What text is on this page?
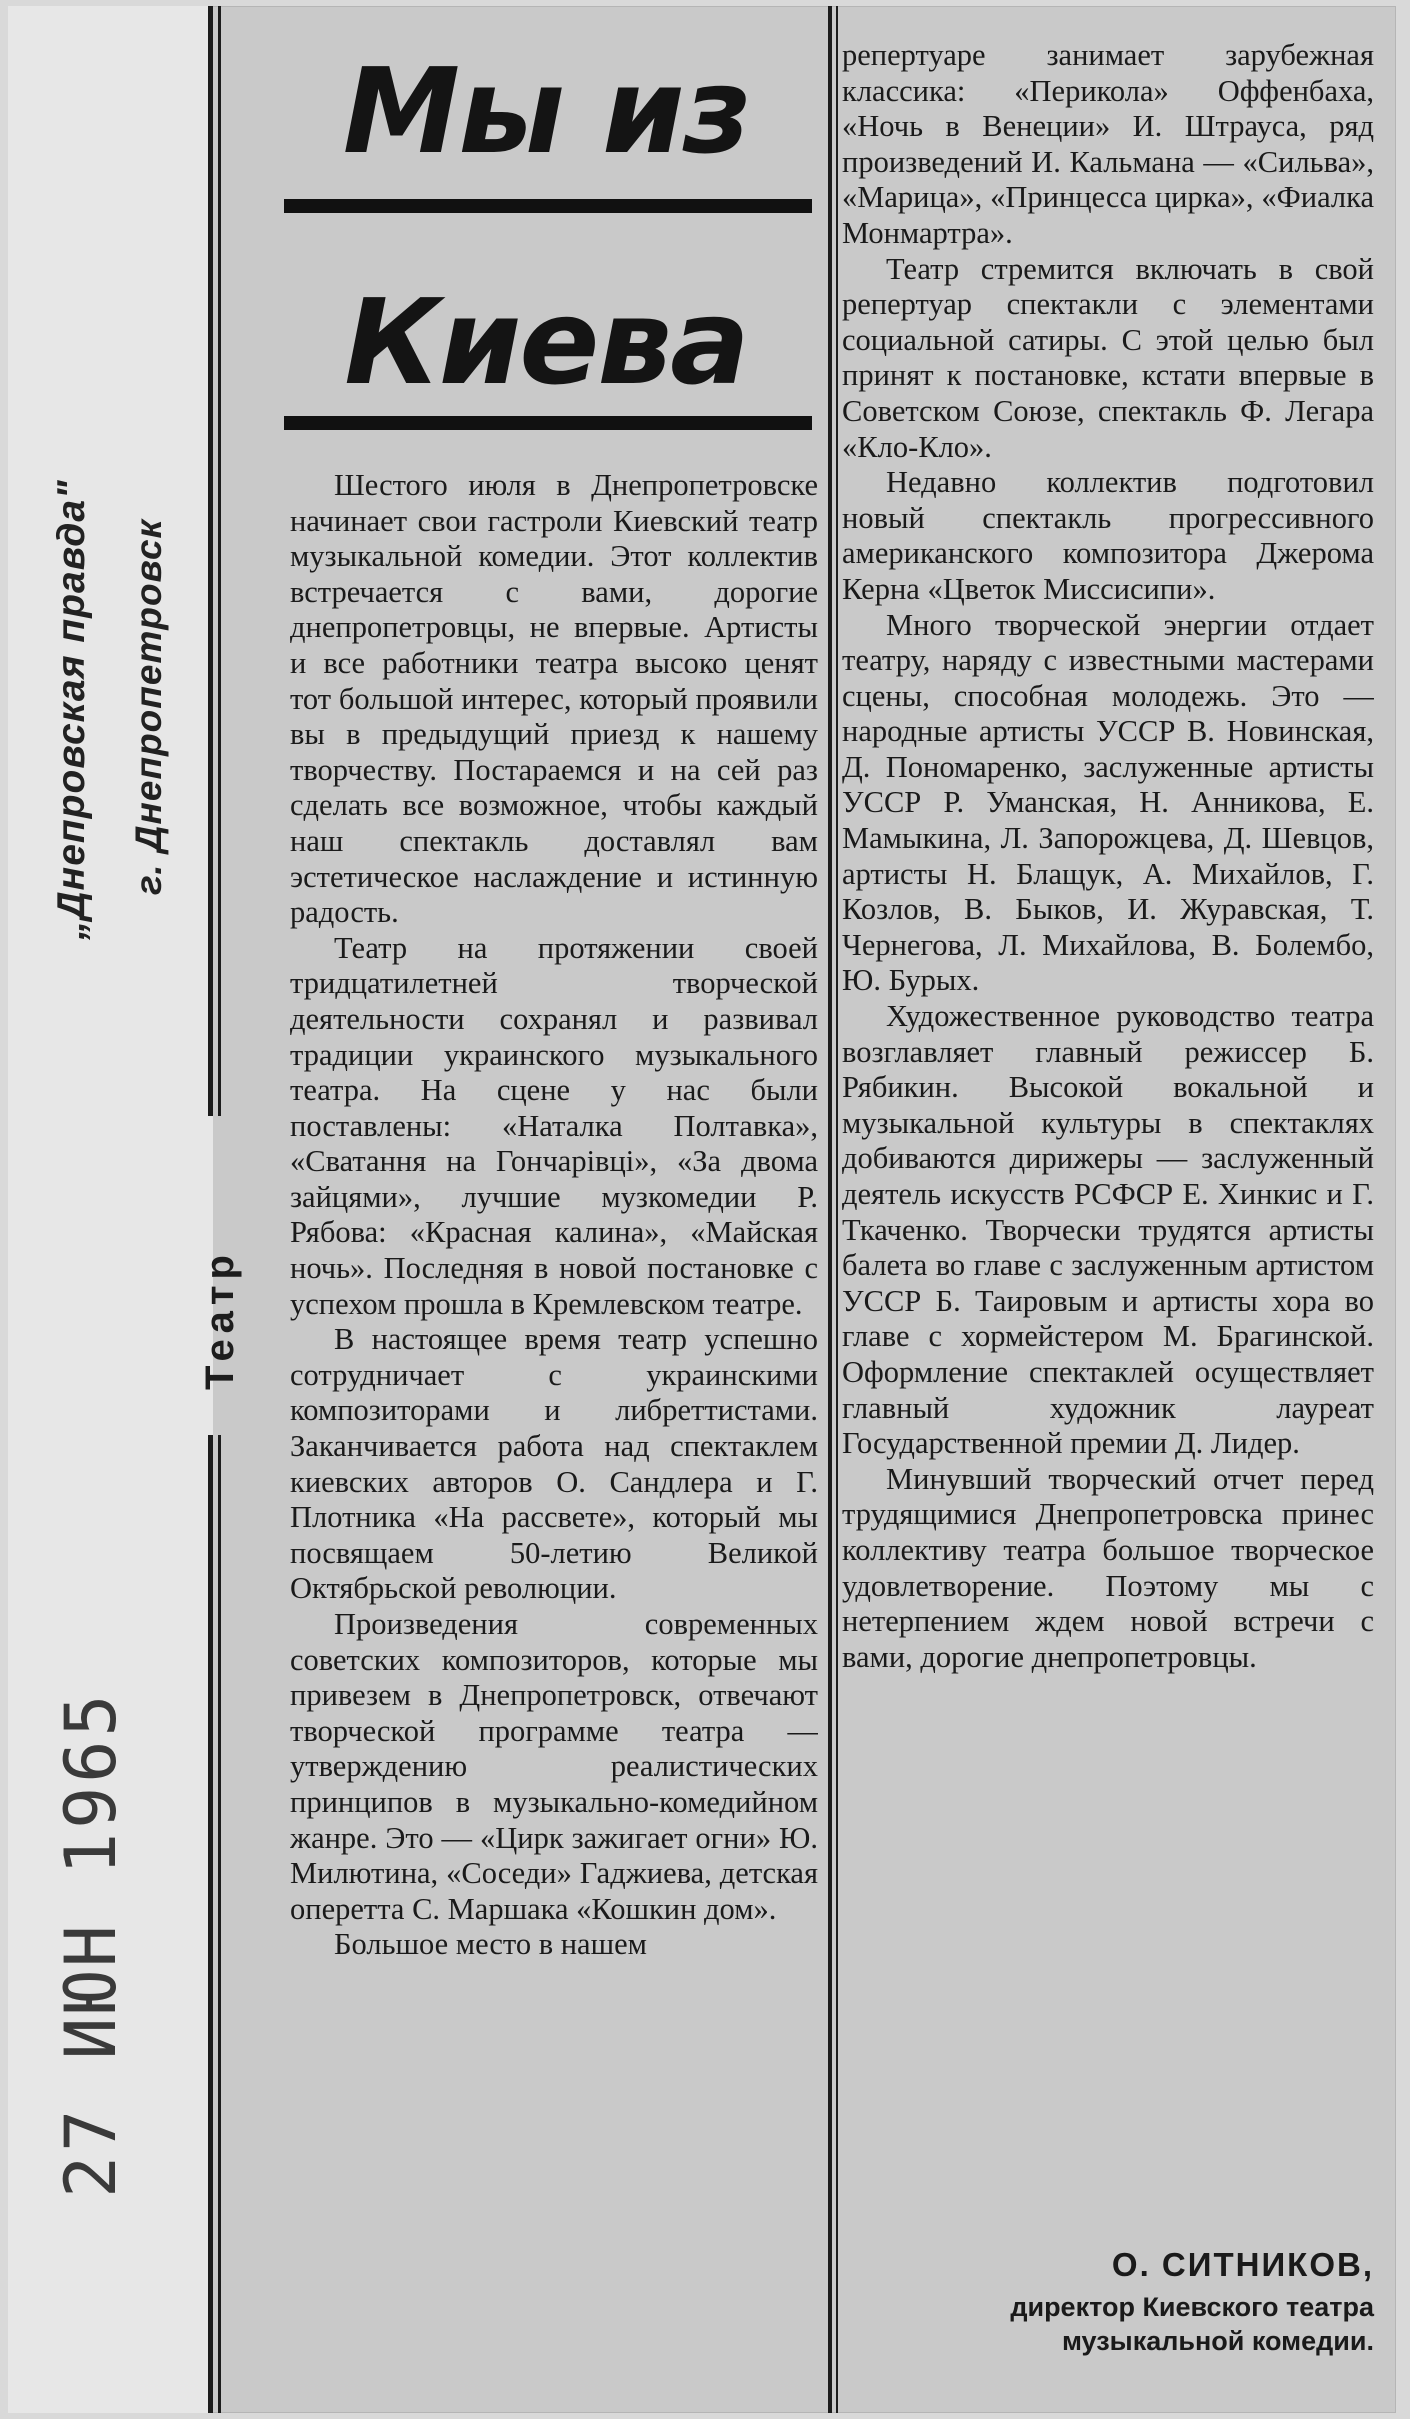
„Днепровская правда" г. Днепропетровск
27 ИЮН 1965
Театр
Мы из
Киева

Шестого июля в Днепропетровске начинает свои гастроли Киевский театр музыкальной комедии. Этот коллектив встречается с вами, дорогие днепропетровцы, не впервые. Артисты и все работники театра высоко ценят тот большой интерес, который проявили вы в предыдущий приезд к нашему творчеству. Постараемся и на сей раз сделать все возможное, чтобы каждый наш спектакль доставлял вам эстетическое наслаждение и истинную радость.

Театр на протяжении своей тридцатилетней творческой деятельности сохранял и развивал традиции украинского музыкального театра. На сцене у нас были поставлены: «Наталка Полтавка», «Сватання на Гончарівці», «За двома зайцями», лучшие музкомедии Р. Рябова: «Красная калина», «Майская ночь». Последняя в новой постановке с успехом прошла в Кремлевском театре.

В настоящее время театр успешно сотрудничает с украинскими композиторами и либреттистами. Заканчивается работа над спектаклем киевских авторов О. Сандлера и Г. Плотника «На рассвете», который мы посвящаем 50-летию Великой Октябрьской революции.

Произведения современных советских композиторов, которые мы привезем в Днепропетровск, отвечают творческой программе театра — утверждению реалистических принципов в музыкально-комедийном жанре. Это — «Цирк зажигает огни» Ю. Милютина, «Соседи» Гаджиева, детская оперетта С. Маршака «Кошкин дом».

Большое место в нашем

репертуаре занимает зарубежная классика: «Перикола» Оффенбаха, «Ночь в Венеции» И. Штрауса, ряд произведений И. Кальмана — «Сильва», «Марица», «Принцесса цирка», «Фиалка Монмартра».

Театр стремится включать в свой репертуар спектакли с элементами социальной сатиры. С этой целью был принят к постановке, кстати впервые в Советском Союзе, спектакль Ф. Легара «Кло-Кло».

Недавно коллектив подготовил новый спектакль прогрессивного американского композитора Джерома Керна «Цветок Миссисипи».

Много творческой энергии отдает театру, наряду с известными мастерами сцены, способная молодежь. Это — народные артисты УССР В. Новинская, Д. Пономаренко, заслуженные артисты УССР Р. Уманская, Н. Анникова, Е. Мамыкина, Л. Запорожцева, Д. Шевцов, артисты Н. Блащук, А. Михайлов, Г. Козлов, В. Быков, И. Журавская, Т. Чернегова, Л. Михайлова, В. Болембо, Ю. Бурых.

Художественное руководство театра возглавляет главный режиссер Б. Рябикин. Высокой вокальной и музыкальной культуры в спектаклях добиваются дирижеры — заслуженный деятель искусств РСФСР Е. Хинкис и Г. Ткаченко. Творчески трудятся артисты балета во главе с заслуженным артистом УССР Б. Таировым и артисты хора во главе с хормейстером М. Брагинской. Оформление спектаклей осуществляет главный художник лауреат Государственной премии Д. Лидер.

Минувший творческий отчет перед трудящимися Днепропетровска принес коллективу театра большое творческое удовлетворение. Поэтому мы с нетерпением ждем новой встречи с вами, дорогие днепропетровцы.

О. СИТНИКОВ,
директор Киевского театра музыкальной комедии.
